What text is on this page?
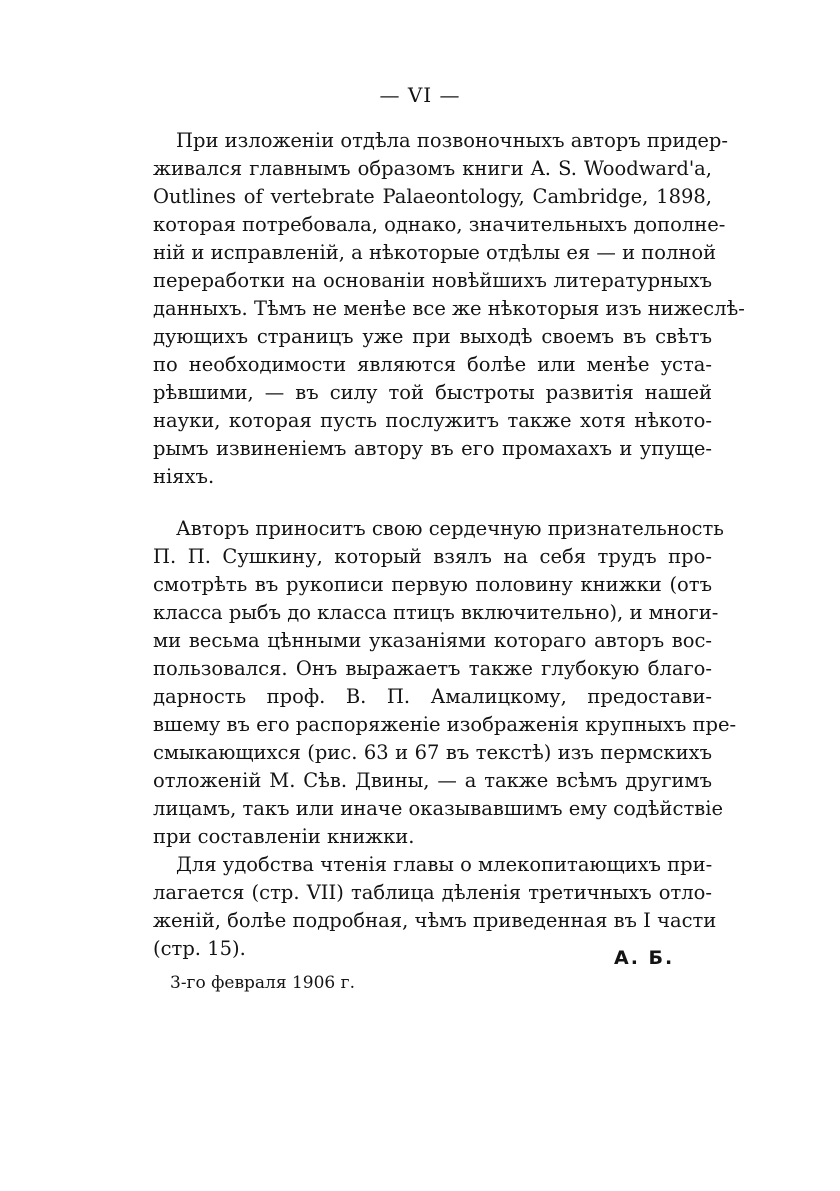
— VI —
При изложенiи отдѣла позвоночныхъ авторъ придер-
живался главнымъ образомъ книги A. S. Woodward'a,
Outlines of vertebrate Palaeontology, Cambridge, 1898,
которая потребовала, однако, значительныхъ дополне-
нiй и исправленiй, а нѣкоторые отдѣлы ея — и полной
переработки на основанiи новѣйшихъ литературныхъ
данныхъ. Тѣмъ не менѣе все же нѣкоторыя изъ нижеслѣ-
дующихъ страницъ уже при выходѣ своемъ въ свѣтъ
по необходимости являются болѣе или менѣе уста-
рѣвшими, — въ силу той быстроты развитiя нашей
науки, которая пусть послужитъ также хотя нѣкото-
рымъ извиненiемъ автору въ его промахахъ и упуще-
нiяхъ.
Авторъ приноситъ свою сердечную признательность
П. П. Сушкину, который взялъ на себя трудъ про-
смотрѣть въ рукописи первую половину книжки (отъ
класса рыбъ до класса птицъ включительно), и многи-
ми весьма цѣнными указанiями котораго авторъ вос-
пользовался. Онъ выражаетъ также глубокую благо-
дарность проф. В. П. Амалицкому, предостави-
вшему въ его распоряженiе изображенiя крупныхъ пре-
смыкающихся (рис. 63 и 67 въ текстѣ) изъ пермскихъ
отложенiй М. Сѣв. Двины, — а также всѣмъ другимъ
лицамъ, такъ или иначе оказывавшимъ ему содѣйствiе
при составленiи книжки.
Для удобства чтенiя главы о млекопитающихъ при-
лагается (стр. VII) таблица дѣленiя третичныхъ отло-
женiй, болѣе подробная, чѣмъ приведенная въ I части
(стр. 15).	А. Б.
3-го февраля 1906 г.
